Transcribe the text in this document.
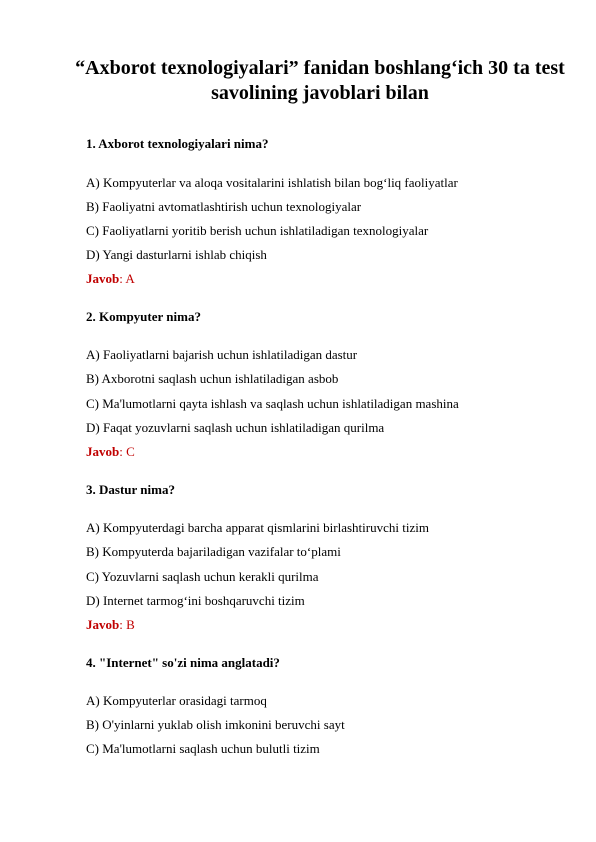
“Axborot texnologiyalari” fanidan boshlang‘ich 30 ta test savolining javoblari bilan
1. Axborot texnologiyalari nima?
A) Kompyuterlar va aloqa vositalarini ishlatish bilan bog‘liq faoliyatlar
B) Faoliyatni avtomatlashtirish uchun texnologiyalar
C) Faoliyatlarni yoritib berish uchun ishlatiladigan texnologiyalar
D) Yangi dasturlarni ishlab chiqish
Javob: A
2. Kompyuter nima?
A) Faoliyatlarni bajarish uchun ishlatiladigan dastur
B) Axborotni saqlash uchun ishlatiladigan asbob
C) Ma'lumotlarni qayta ishlash va saqlash uchun ishlatiladigan mashina
D) Faqat yozuvlarni saqlash uchun ishlatiladigan qurilma
Javob: C
3. Dastur nima?
A) Kompyuterdagi barcha apparat qismlarini birlashtiruvchi tizim
B) Kompyuterda bajariladigan vazifalar to‘plami
C) Yozuvlarni saqlash uchun kerakli qurilma
D) Internet tarmog‘ini boshqaruvchi tizim
Javob: B
4. "Internet" so'zi nima anglatadi?
A) Kompyuterlar orasidagi tarmoq
B) O'yinlarni yuklab olish imkonini beruvchi sayt
C) Ma'lumotlarni saqlash uchun bulutli tizim
